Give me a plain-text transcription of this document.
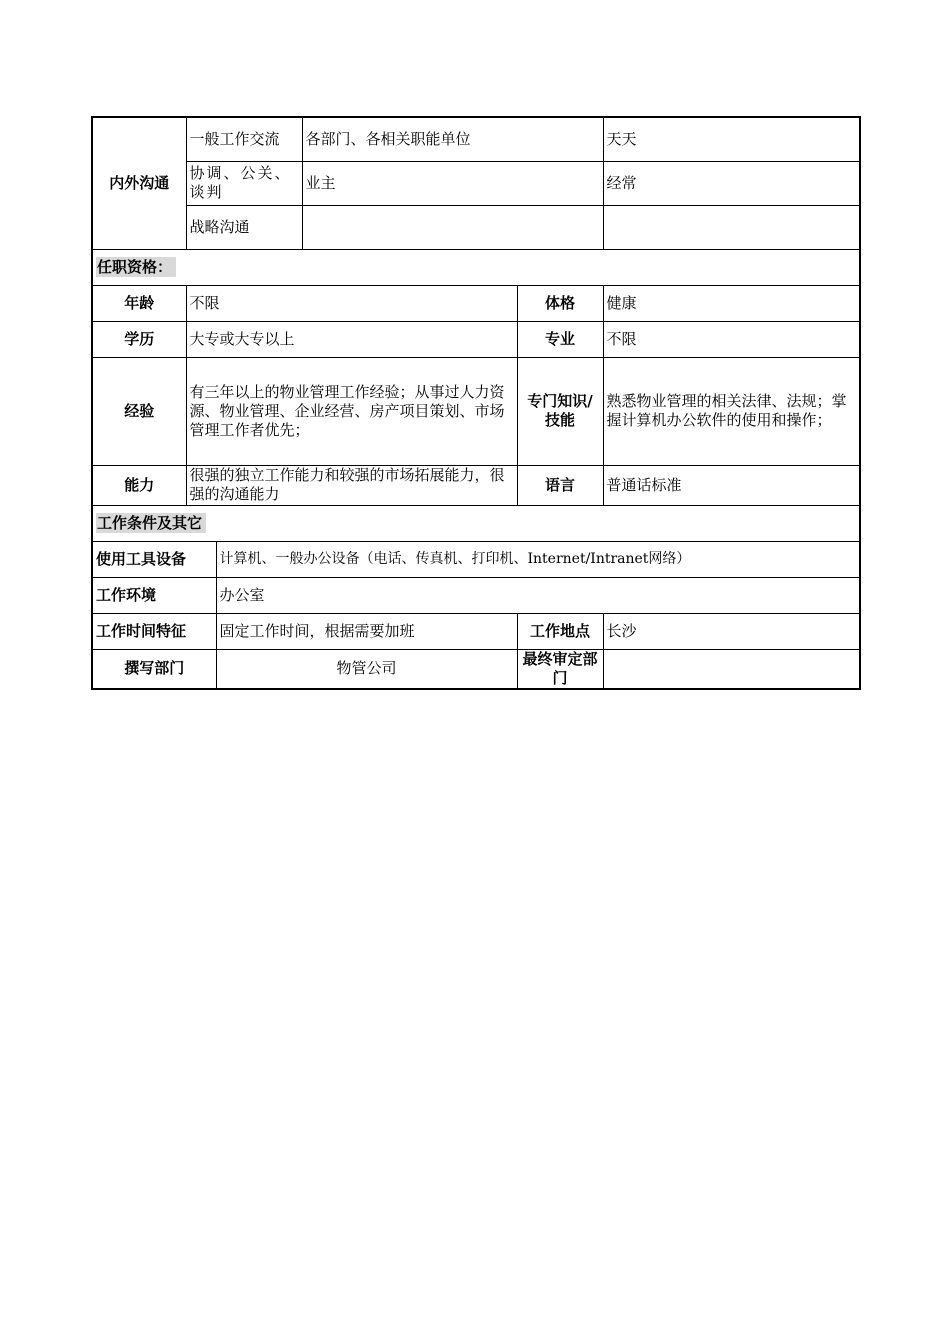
内外沟通	一般工作交流		各部门、各相关职能单位		天天
	协调、公关、谈判		业主		经常
	战略沟通				
任职资格：					
年龄	不限			体格	健康
学历	大专或大专以上			专业	不限
经验	有三年以上的物业管理工作经验；从事过人力资源、物业管理、企业经营、房产项目策划、市场管理工作者优先；			专门知识/技能	熟悉物业管理的相关法律、法规；掌握计算机办公软件的使用和操作；
能力	很强的独立工作能力和较强的市场拓展能力，很强的沟通能力			语言	普通话标准
工作条件及其它					
使用工具设备		计算机、一般办公设备（电话、传真机、打印机、Internet/Intranet网络）			
工作环境		办公室			
工作时间特征		固定工作时间，根据需要加班		工作地点	长沙
撰写部门		物管公司		最终审定部门	
